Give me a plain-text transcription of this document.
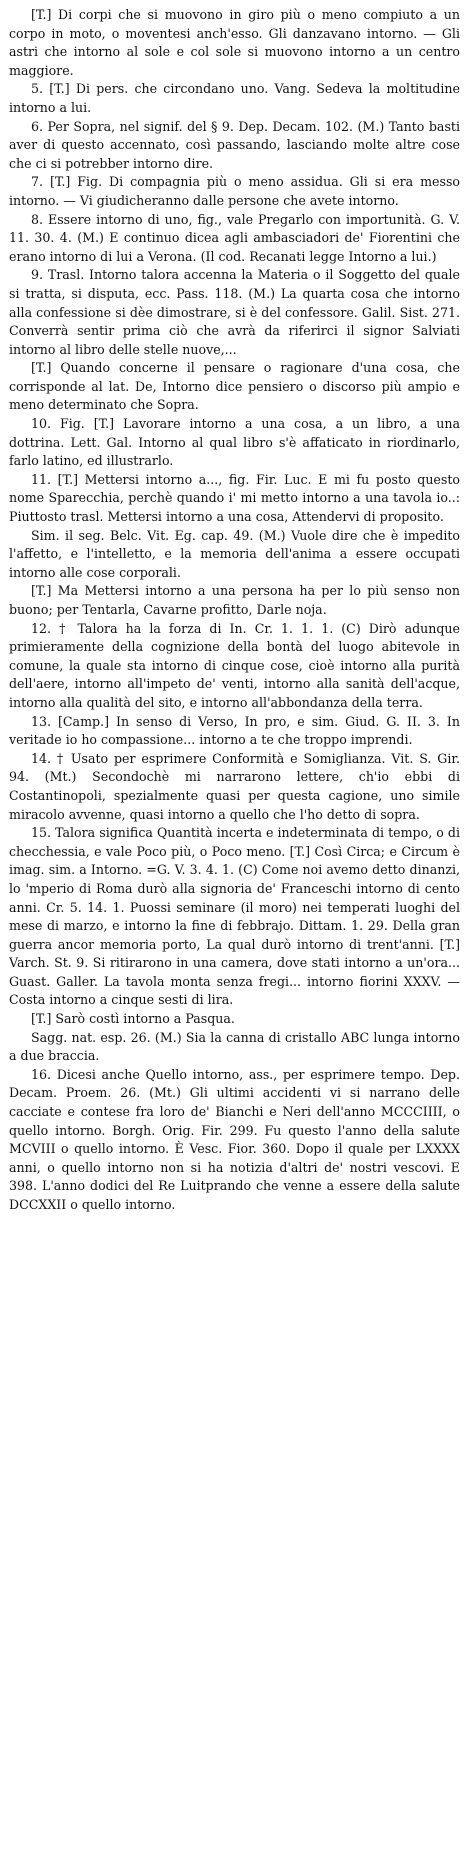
[T.] Di corpi che si muovono in giro più o meno compiuto a un corpo in moto, o moventesi anch'esso. Gli danzavano intorno. — Gli astri che intorno al sole e col sole si muovono intorno a un centro maggiore.

5. [T.] Di pers. che circondano uno. Vang. Sedeva la moltitudine intorno a lui.

6. Per Sopra, nel signif. del § 9. Dep. Decam. 102. (M.) Tanto basti aver di questo accennato, così passando, lasciando molte altre cose che ci si potrebber intorno dire.

7. [T.] Fig. Di compagnia più o meno assidua. Gli si era messo intorno. — Vi giudicheranno dalle persone che avete intorno.

8. Essere intorno di uno, fig., vale Pregarlo con importunità. G. V. 11. 30. 4. (M.) E continuo dicea agli ambasciadori de' Fiorentini che erano intorno di lui a Verona. (Il cod. Recanati legge Intorno a lui.)

9. Trasl. Intorno talora accenna la Materia o il Soggetto del quale si tratta, si disputa, ecc. Pass. 118. (M.) La quarta cosa che intorno alla confessione si dèe dimostrare, si è del confessore. Galil. Sist. 271. Converrà sentir prima ciò che avrà da riferirci il signor Salviati intorno al libro delle stelle nuove,...

[T.] Quando concerne il pensare o ragionare d'una cosa, che corrisponde al lat. De, Intorno dice pensiero o discorso più ampio e meno determinato che Sopra.

10. Fig. [T.] Lavorare intorno a una cosa, a un libro, a una dottrina. Lett. Gal. Intorno al qual libro s'è affaticato in riordinarlo, farlo latino, ed illustrarlo.

11. [T.] Mettersi intorno a..., fig. Fir. Luc. E mi fu posto questo nome Sparecchia, perchè quando i' mi metto intorno a una tavola io..: Piuttosto trasl. Mettersi intorno a una cosa, Attendervi di proposito.

Sim. il seg. Belc. Vit. Eg. cap. 49. (M.) Vuole dire che è impedito l'affetto, e l'intelletto, e la memoria dell'anima a essere occupati intorno alle cose corporali.

[T.] Ma Mettersi intorno a una persona ha per lo più senso non buono; per Tentarla, Cavarne profitto, Darle noja.

12. † Talora ha la forza di In. Cr. 1. 1. 1. (C) Dirò adunque primieramente della cognizione della bontà del luogo abitevole in comune, la quale sta intorno di cinque cose, cioè intorno alla purità dell'aere, intorno all'impeto de' venti, intorno alla sanità dell'acque, intorno alla qualità del sito, e intorno all'abbondanza della terra.

13. [Camp.] In senso di Verso, In pro, e sim. Giud. G. II. 3. In veritade io ho compassione... intorno a te che troppo imprendi.

14. † Usato per esprimere Conformità e Somiglianza. Vit. S. Gir. 94. (Mt.) Secondochè mi narrarono lettere, ch'io ebbi di Costantinopoli, spezialmente quasi per questa cagione, uno simile miracolo avvenne, quasi intorno a quello che l'ho detto di sopra.

15. Talora significa Quantità incerta e indeterminata di tempo, o di checchessia, e vale Poco più, o Poco meno. [T.] Così Circa; e Circum è imag. sim. a Intorno. =G. V. 3. 4. 1. (C) Come noi avemo detto dinanzi, lo 'mperio di Roma durò alla signoria de' Franceschi intorno di cento anni. Cr. 5. 14. 1. Puossi seminare (il moro) nei temperati luoghi del mese di marzo, e intorno la fine di febbrajo. Dittam. 1. 29. Della gran guerra ancor memoria porto, La qual durò intorno di trent'anni. [T.] Varch. St. 9. Si ritirarono in una camera, dove stati intorno a un'ora... Guast. Galler. La tavola monta senza fregi... intorno fiorini XXXV. — Costa intorno a cinque sesti di lira.

[T.] Sarò costì intorno a Pasqua.

Sagg. nat. esp. 26. (M.) Sia la canna di cristallo ABC lunga intorno a due braccia.

16. Dicesi anche Quello intorno, ass., per esprimere tempo. Dep. Decam. Proem. 26. (Mt.) Gli ultimi accidenti vi si narrano delle cacciate e contese fra loro de' Bianchi e Neri dell'anno MCCCIIII, o quello intorno. Borgh. Orig. Fir. 299. Fu questo l'anno della salute MCVIII o quello intorno. È Vesc. Fior. 360. Dopo il quale per LXXXX anni, o quello intorno non si ha notizia d'altri de' nostri vescovi. E 398. L'anno dodici del Re Luitprando che venne a essere della salute DCCXXII o quello intorno.
